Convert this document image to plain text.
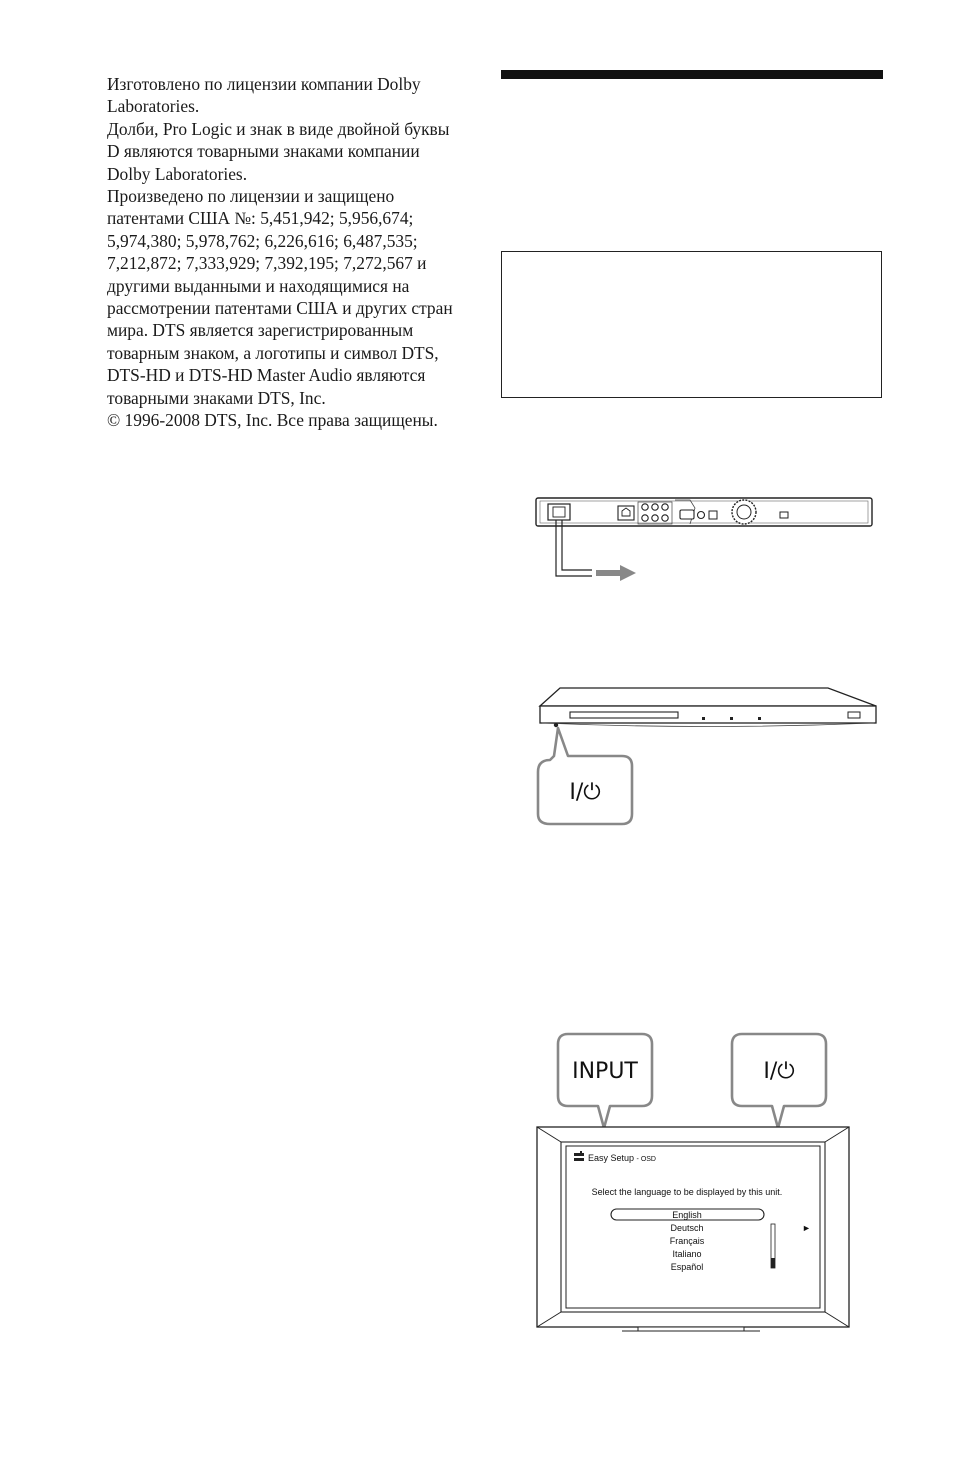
Изготовлено по лицензии компании Dolby Laboratories.

Долби, Pro Logic и знак в виде двойной буквы D являются товарными знаками компании Dolby Laboratories.

Произведено по лицензии и защищено патентами США №: 5,451,942; 5,956,674; 5,974,380; 5,978,762; 6,226,616; 6,487,535; 7,212,872; 7,333,929; 7,392,195; 7,272,567 и другими выданными и находящимися на рассмотрении патентами США и других стран мира. DTS является зарегистрированным товарным знаком, а логотипы и символ DTS, DTS-HD и DTS-HD Master Audio являются товарными знаками DTS, Inc.

© 1996-2008 DTS, Inc. Все права защищены.

I/⏻
INPUT	I/⏻
Easy Setup - OSD
Select the language to be displayed by this unit.
English
Deutsch
Français
Italiano
Español
►
